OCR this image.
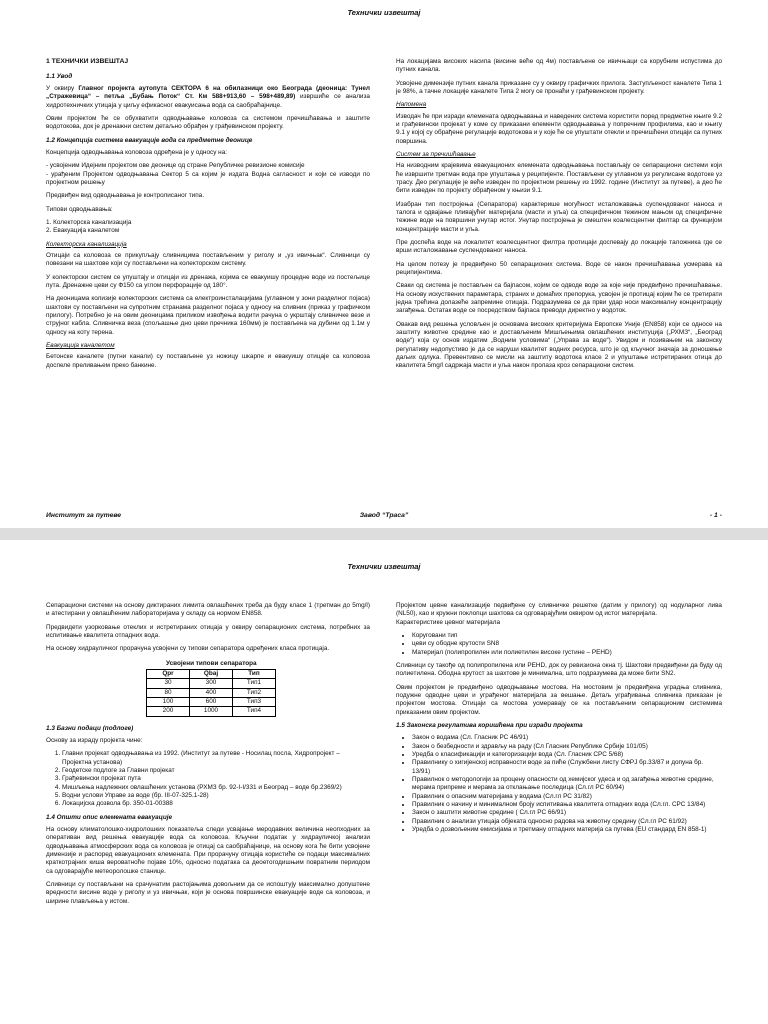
Технички извештај
1 ТЕХНИЧКИ ИЗВЕШТАЈ
1.1 Увод

У оквиру Главног пројекта аутопута СЕКТОРА 6 на обилазници око Београда (деоница: Тунел „Стражевица“ – петља „Бубањ Поток“ Ст. Км 588+913,60 – 598+489,89) извршиће се анализа хидротехничких утицаја у циљу ефикасног евакуисања вода са саобраћајнице.

Овим пројектом ће се обухватити одводњавање коловоза са системом пречишћавања и заштите водотокова, док је дренажни систем детаљно обрађен у грађевинском пројекту.

1.2 Концепција система евакуације вода са предметне деонице

Концепција одводњавања коловоза одређена је у односу на:

- усвојеним Идејним пројектом ове деонице од стране Републичке ревизионе комисије

- урађеним Пројектом одводњавања Сектор 5 са којим је издата Водна сагласност и који се изводи по пројектном решењу

Предвиђен вид одводњавања је контролисаног типа.

Типови одводњавања:

1. Колекторска канализација

2. Евакуација каналетом

Колекторска канализација

Отицаји са коловоза се прикупљају сливницима постављеним у риголу и „уз ивичњак“. Сливници су повезани на шахтове који су постављени на колекторском систему.

У колекторски систем се упуштају и отицаји из дренажа, којима се евакуишу процедне воде из постељице пута. Дренажне цеви су Ф150 са углом перфорације од 180°.

На деоницама колизије колекторских система са електроинсталацијама (углавном у зони разделног појаса) шахтови су постављени на супротним странама разделног појаса у односу на сливник (приказ у графичком прилогу). Потребно је на овим деоницама приликом извођења водити рачуна о укрштају сливничке везе и струјног кабла. Сливничка веза (спољашње дно цеви пречника 160мм) је постављена на дубини од 1.1м у односу на коту терена.

Евакуација каналетом

Бетонске каналете (путни канали) су постављене уз ножицу шкарпе и евакуишу отицаје са коловоза доспеле преливањем преко банкине.

На локацијама високих насипа (висине веће од 4м) постављене се ивичњаци са корубним испустима до путних канала.

Усвојене димензије путних канала приказане су у оквиру графичких прилога. Заступљеност каналете Типа 1 је 98%, а тачне локације каналете Типа 2 могу се пронаћи у грађевинском пројекту.

Напомена

Изводач ће при изради елемената одводњавања и наведених система користити поред предметне књиге 9.2 и грађевински пројекат у коме су приказани елементи одводњавања у попречним профилима, као и књигу 9.1 у којој су обрађене регулације водотокова и у које ће се упуштати отекли и пречишћени отицаји са путних површина.

Систем за пречишћавање

На низводним крајевима евакуационих елемената одводњавања постављају се сепарациони системи који ће извршити третман вода пре упуштања у реципијенте. Постављени су углавном уз регулисане водотоке уз трасу. Део регулације је веће изведен по пројектном решењу из 1992. године (Институт за путеве), а део ће бити изведен по пројекту обрађеном у књизи 9.1.

Изабран тип постројења (Сепаратора) карактерише могућност исталожавања суспендованог наноса и талога и одвајање пливајућег материјала (масти и уља) са специфичном тежином мањом од специфичне тежине воде на површини унутар истог. Унутар постројења је смештен коалесцентни филтар са функцијом концентрације масти и уља.

Пре доспећа воде на локалитет коалесцентног филтра протицаји доспевају до локације таложника где се врши исталожавање суспендованог наноса.

На целом потезу је предвиђено 50 сепарационих система. Воде се након пречишћавања усмерава ка реципијентима.

Сваки од система је постављен са бајпасом, којим се одводе воде за које није предвиђено пречишћавање. На основу искуствених параметара, страних и домаћих препорука, усвојен је протицај којим ће се третирати једна трећина долазеће запремине отицаја. Подразумева се да први удар носи максималну концентрацију загађења. Остатак воде се посредством бајпаса преводи директно у водоток.

Овакав вид решења условљен је основама високих критеријума Европске Уније (EN858) који се односе на заштиту животне средине као и достављеним Мишљењима овлашћених институција („РХМЗ“, „Београд воде“) која су основ издатим „Водним условима“ („Управа за воде“). Увидом и позивањем на законску регулативу недопустиво је да се наруши квалитет водних ресурса, што је од кључног значаја за доношење даљих одлука. Превентивно се мисли на заштиту водотока класе 2 и упуштање истретираних отица до квалитета 5mg/l садржаја масти и уља након пролаза кроз сепарациони систем.

Институт за путеве	Завод “Траса”	- 1 -
Технички извештај

Сепарациони системи на основу диктираних лимита овлашћених треба да буду класе 1 (третман до 5mg/l) и атестирани у овлашћеним лабораторијама у складу са нормом EN858.

Предвидети узорковање отеклих и истретираних отицаја у оквиру сепарационих система, потребних за испитивање квалитета отпадних вода.

На основу хидрауличког прорачуна усвојени су типови сепаратора одређених класа протицаја.

Усвојени типови сепаратора
Qpr	Qbaj	Тип
30	300	Тип1
80	400	Тип2
100	600	Тип3
200	1000	Тип4
1.3 Базни подаци (подлоге)

Основу за израду пројекта чине:

1. Главни пројекат одводњавања из 1992. (Институт за путеве - Носилац посла, Хидропројект – Пројектна установа)
2. Геодетске подлоге за Главни пројекат
3. Грађевински пројекат пута
4. Мишљења надлежних овлашћених установа (РХМЗ бр. 92-I-I/331 и Београд – воде бр.2369/2)
5. Водни услови Управе за воде (бр. III-07-325.1-28)
6. Локацијска дозвола бр. 350-01-00388
1.4 Општи опис елемената евакуације

На основу климатолошко-хидролошких показатеља следи усвајање меродавних величина неопходних за оперативан вид решења евакуације вода са коловоза. Кључни податак у хидрауличкој анализи одводњавања атмосферских вода са коловоза је отицај са саобраћајнице, на основу кога ће бити усвојене димензије и распоред евакуационих елемената. При прорачуну отицаја користиће се подаци максималних краткотрајних киша вероватноће појаве 10%, односно података са деоетогодишњим повратним периодом са одговарајуће метеоролошке станице.

Сливници су постављани на срачунатим растојањима довољним да се испоштују максимално допуштене вредности висине воде у риголу и уз ивичњак, који је основа површинске евакуације воде са коловоза, и ширине плављења у истом.

Пројектом цевне канализације педвиђене су сливничке решетке (датим у прилогу) од нодуларног лива (NL50), као и кружни поклопци шахтова са одговарајућим оквиром од истог материјала.

Карактеристике цевног материјала

• Коруговани тип
• цеви су ободне крутости SN8
• Материјал (полипропилен или полиетилен високе густине – PEHD)

Сливници су такође од полипропилена или PEHD, док су ревизиона окна тј. Шахтови предвиђени да буду од полиетилена. Ободна крутост за шахтове је минимална, што подразумева да може бити SN2.

Овим пројектом је предвиђено одводњавање мостова. На мостовим је предвиђена уградња сливника, подужне одводне цеви и уграђеног материјала за вешање. Детаљ уграђивања сливника приказан је пројектом мостова. Отицаји са мостова усмеравају се ка постављеним сепарационим системима приказаним овим пројектом.

1.5 Законска регулатива коришћена при изради пројекта
• Закон о водама (Сл. Гласник РС 46/91)
• Закон о безбедности и здрављу на раду (Сл Гласник Републике Србије 101/05)
• Уредба о класификацији и категоризацији вода (Сл. Гласник СРС 5/68)
• Правилнику о хигијенској исправности воде за пиће (Службени листу СФРЈ бр.33/87 и допуна бр. 13/91)
• Правилнок о методологији за процену опасности од хемијског удеса и од загађења животне средине, мерама припреме и мерама за отклањање последица (Сл.гл РС 60/94)
• Правилник о опасним материјама у водама (Сл.гл РС 31/82)
• Правилник о начину и минималном броју испитивања квалитета отпадних вода (Сл.гл. СРС 13/84)
• Закон о заштити животне средине ( Сл.гл РС 66/91)
• Правилник о анализи утицаја објеката односно радова на животну средину (Сл.гл РС 61/92)
• Уредба о дозвољеним емисијама и третману отпадних материја са путева (EU стандард EN 858-1)
